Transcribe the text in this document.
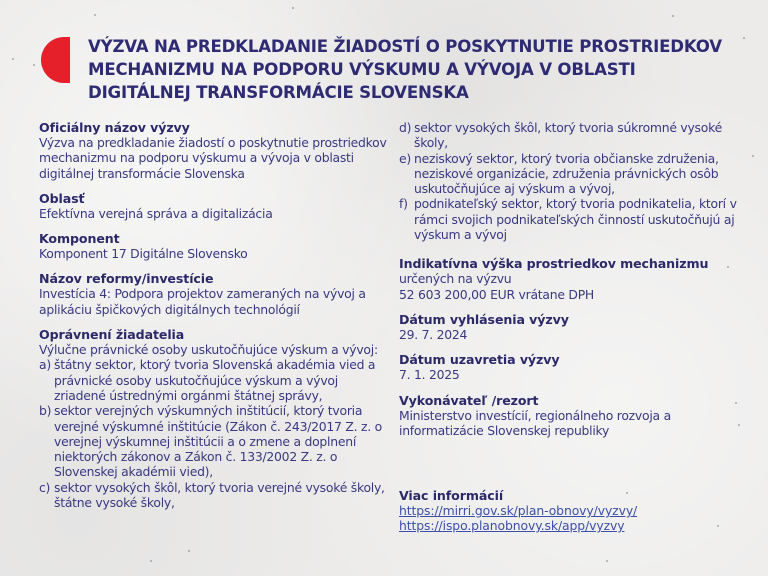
VÝZVA NA PREDKLADANIE ŽIADOSTÍ O POSKYTNUTIE PROSTRIEDKOV
MECHANIZMU NA PODPORU VÝSKUMU A VÝVOJA V OBLASTI
DIGITÁLNEJ TRANSFORMÁCIE SLOVENSKA

Oficiálny názov výzvy

Výzva na predkladanie žiadostí o poskytnutie prostriedkov mechanizmu na podporu výskumu a vývoja v oblasti digitálnej transformácie Slovenska

Oblasť

Efektívna verejná správa a digitalizácia

Komponent

Komponent 17 Digitálne Slovensko

Názov reformy/investície

Investícia 4: Podpora projektov zameraných na vývoj a aplikáciu špičkových digitálnych technológií

Oprávnení žiadatelia

Výlučne právnické osoby uskutočňujúce výskum a vývoj:

a) štátny sektor, ktorý tvoria Slovenská akadémia vied a právnické osoby uskutočňujúce výskum a vývoj zriadené ústrednými orgánmi štátnej správy,
b) sektor verejných výskumných inštitúcií, ktorý tvoria verejné výskumné inštitúcie (Zákon č. 243/2017 Z. z. o verejnej výskumnej inštitúcii a o zmene a doplnení niektorých zákonov a Zákon č. 133/2002 Z. z. o Slovenskej akadémii vied),
c) sektor vysokých škôl, ktorý tvoria verejné vysoké školy, štátne vysoké školy,
d) sektor vysokých škôl, ktorý tvoria súkromné vysoké školy,
e) neziskový sektor, ktorý tvoria občianske združenia, neziskové organizácie, združenia právnických osôb uskutočňujúce aj výskum a vývoj,
f) podnikateľský sektor, ktorý tvoria podnikatelia, ktorí v rámci svojich podnikateľských činností uskutočňujú aj výskum a vývoj

Indikatívna výška prostriedkov mechanizmu

určených na výzvu

52 603 200,00 EUR vrátane DPH

Dátum vyhlásenia výzvy

29. 7. 2024

Dátum uzavretia výzvy

7. 1. 2025

Vykonávateľ /rezort

Ministerstvo investícií, regionálneho rozvoja a informatizácie Slovenskej republiky

Viac informácií

https://mirri.gov.sk/plan-obnovy/vyzvy/
https://ispo.planobnovy.sk/app/vyzvy
